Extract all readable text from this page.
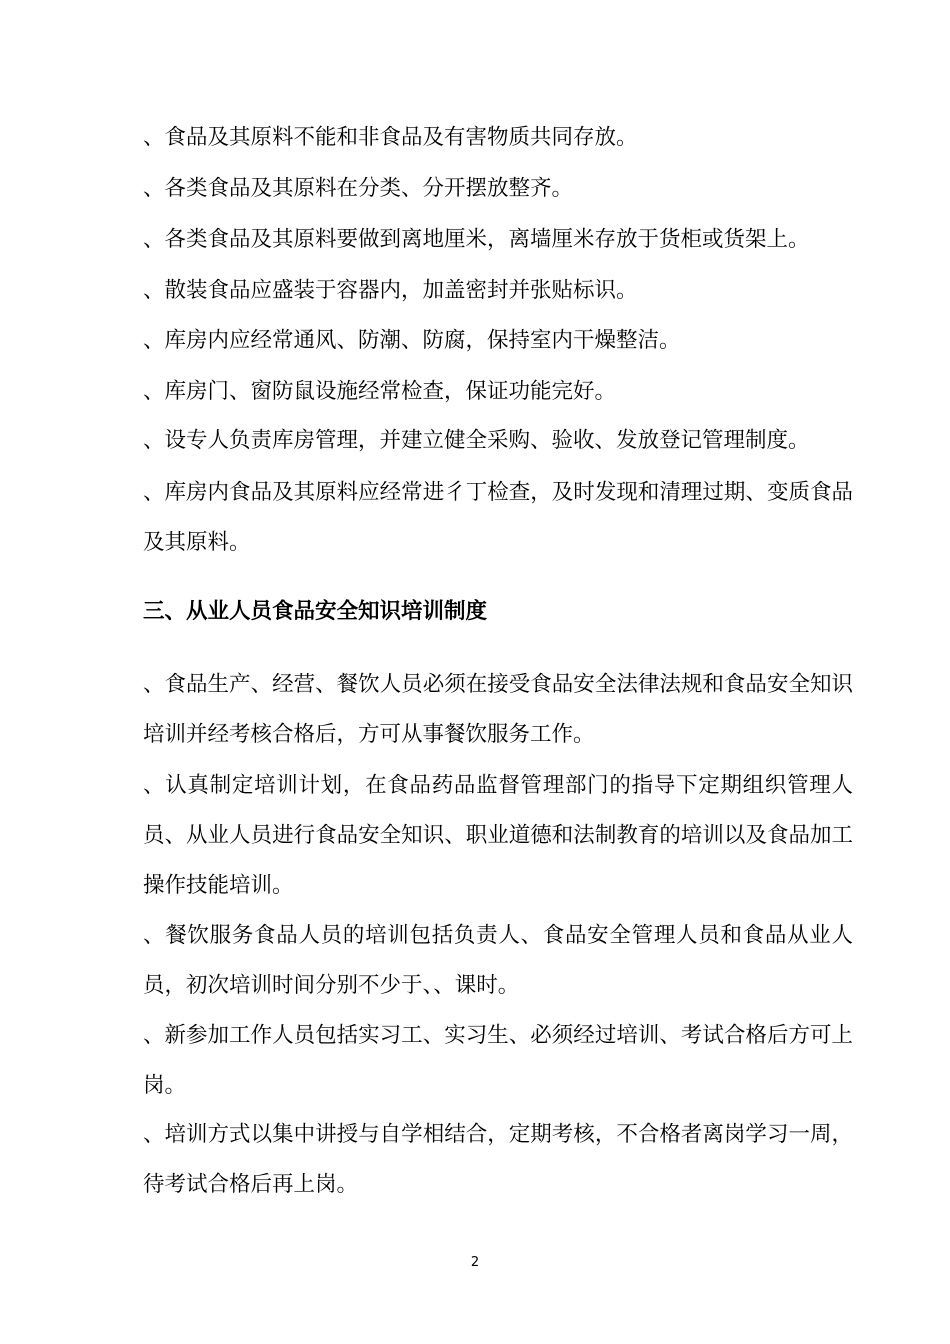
、食品及其原料不能和非食品及有害物质共同存放。

、各类食品及其原料在分类、分开摆放整齐。

、各类食品及其原料要做到离地厘米，离墙厘米存放于货柜或货架上。

、散装食品应盛装于容器内，加盖密封并张贴标识。

、库房内应经常通风、防潮、防腐，保持室内干燥整洁。

、库房门、窗防鼠设施经常检查，保证功能完好。

、设专人负责库房管理，并建立健全采购、验收、发放登记管理制度。

、库房内食品及其原料应经常进彳丁检查，及时发现和清理过期、变质食品及其原料。

三、从业人员食品安全知识培训制度

、食品生产、经营、餐饮人员必须在接受食品安全法律法规和食品安全知识培训并经考核合格后，方可从事餐饮服务工作。

、认真制定培训计划，在食品药品监督管理部门的指导下定期组织管理人员、从业人员进行食品安全知识、职业道德和法制教育的培训以及食品加工操作技能培训。

、餐饮服务食品人员的培训包括负责人、食品安全管理人员和食品从业人员，初次培训时间分别不少于、、课时。

、新参加工作人员包括实习工、实习生、必须经过培训、考试合格后方可上岗。

、培训方式以集中讲授与自学相结合，定期考核，不合格者离岗学习一周，待考试合格后再上岗。

2
